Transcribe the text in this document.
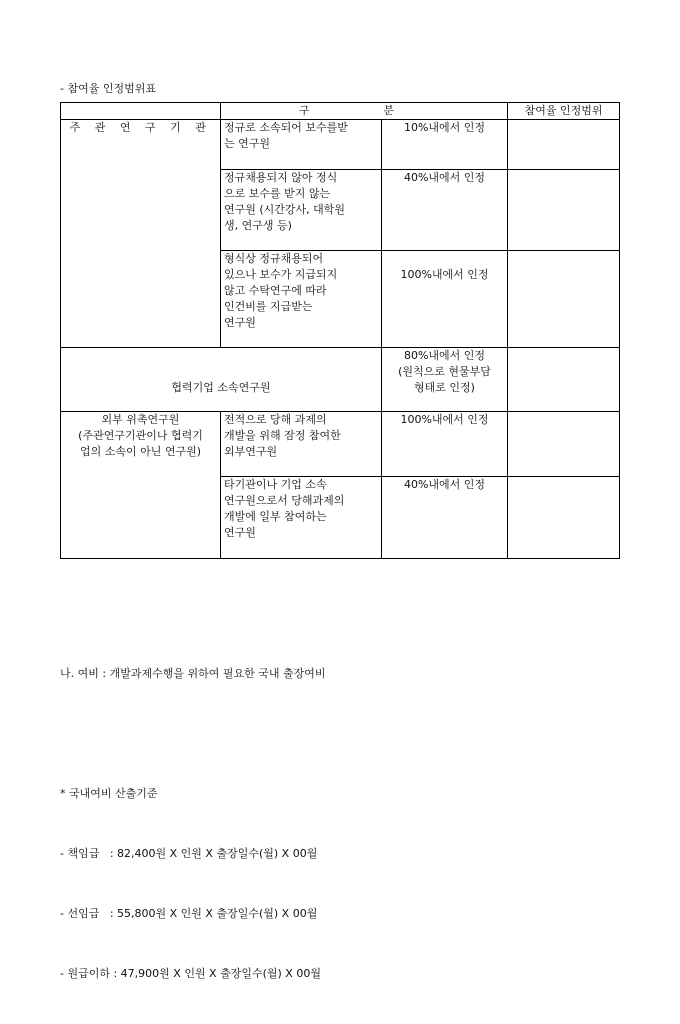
- 참여율 인정범위표
	구 분		참여율 인정범위
주 관 연 구 기 관	정규로 소속되어 보수를받
는 연구원	10%내에서 인정	
	정규채용되지 않아 정식
으로 보수를 받지 않는
연구원 (시간강사, 대학원
생, 연구생 등)	40%내에서 인정	
	형식상 정규채용되어
있으나 보수가 지급되지
않고 수탁연구에 따라
인건비를 지급받는
연구원	100%내에서 인정	
협력기업 소속연구원		80%내에서 인정
(원칙으로 현물부담
형태로 인정)	
외부 위촉연구원
(주관연구기관이나 협력기
업의 소속이 아닌 연구원)	전적으로 당해 과제의
개발을 위해 잠정 참여한
외부연구원	100%내에서 인정	
	타기관이나 기업 소속
연구원으로서 당해과제의
개발에 일부 참여하는
연구원	40%내에서 인정	

나. 여비 : 개발과제수행을 위하여 필요한 국내 출장여비

* 국내여비 산출기준

- 책임급   : 82,400원 X 인원 X 출장일수(월) X 00월

- 선임급   : 55,800원 X 인원 X 출장일수(월) X 00월

- 원급이하 : 47,900원 X 인원 X 출장일수(월) X 00월
